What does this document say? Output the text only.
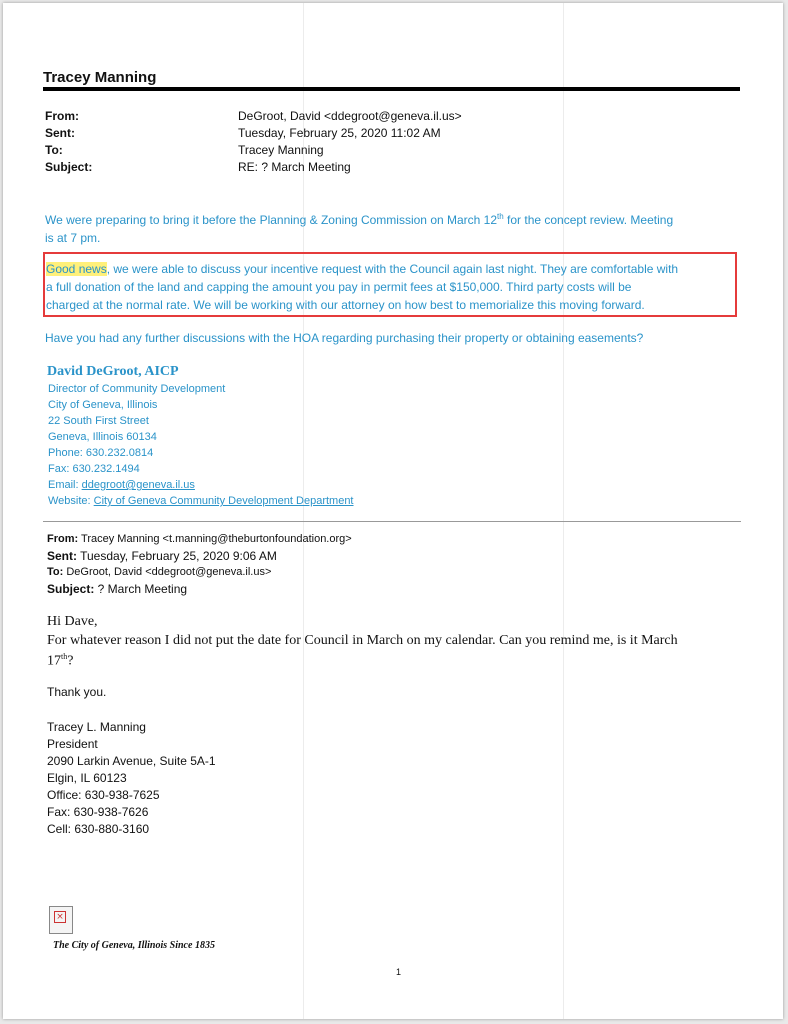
Tracey Manning
From:	DeGroot, David <ddegroot@geneva.il.us>
Sent:	Tuesday, February 25, 2020 11:02 AM
To:	Tracey Manning
Subject:	RE: ? March Meeting
We were preparing to bring it before the Planning & Zoning Commission on March 12th for the concept review. Meeting
is at 7 pm.
Good news, we were able to discuss your incentive request with the Council again last night. They are comfortable with
a full donation of the land and capping the amount you pay in permit fees at $150,000. Third party costs will be
charged at the normal rate. We will be working with our attorney on how best to memorialize this moving forward.
Have you had any further discussions with the HOA regarding purchasing their property or obtaining easements?
David DeGroot, AICP
Director of Community Development
City of Geneva, Illinois
22 South First Street
Geneva, Illinois 60134
Phone: 630.232.0814
Fax: 630.232.1494
Email: ddegroot@geneva.il.us
Website: City of Geneva Community Development Department
From: Tracey Manning <t.manning@theburtonfoundation.org>
Sent: Tuesday, February 25, 2020 9:06 AM
To: DeGroot, David <ddegroot@geneva.il.us>
Subject: ? March Meeting
Hi Dave,
For whatever reason I did not put the date for Council in March on my calendar. Can you remind me, is it March
17th?
Thank you.
Tracey L. Manning
President
2090 Larkin Avenue, Suite 5A-1
Elgin, IL 60123
Office: 630-938-7625
Fax: 630-938-7626
Cell: 630-880-3160
×
The City of Geneva, Illinois Since 1835
1
